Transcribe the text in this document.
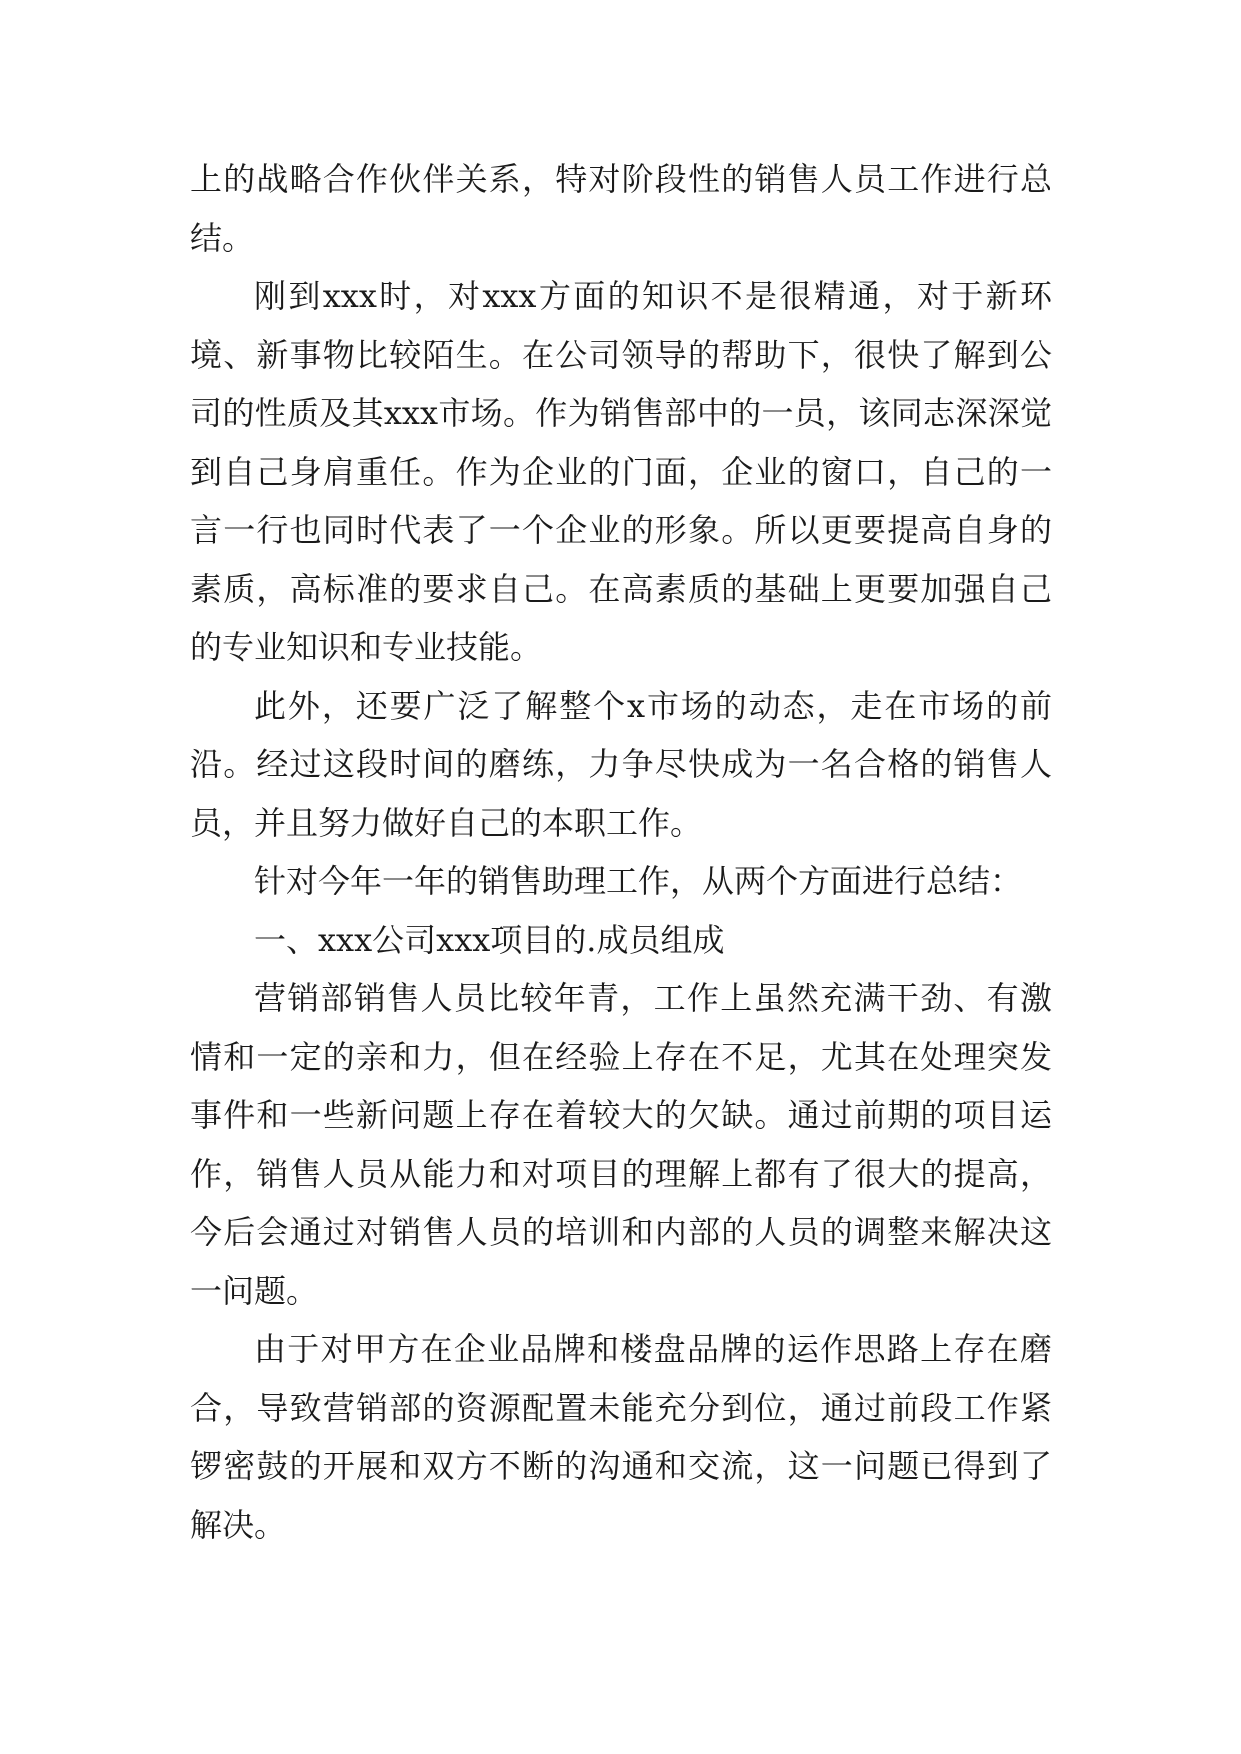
上的战略合作伙伴关系，特对阶段性的销售人员工作进行总结。

刚到xxx时，对xxx方面的知识不是很精通，对于新环境、新事物比较陌生。在公司领导的帮助下，很快了解到公司的性质及其xxx市场。作为销售部中的一员，该同志深深觉到自己身肩重任。作为企业的门面，企业的窗口，自己的一言一行也同时代表了一个企业的形象。所以更要提高自身的素质，高标准的要求自己。在高素质的基础上更要加强自己的专业知识和专业技能。

此外，还要广泛了解整个x市场的动态，走在市场的前沿。经过这段时间的磨练，力争尽快成为一名合格的销售人员，并且努力做好自己的本职工作。

针对今年一年的销售助理工作，从两个方面进行总结：

一、xxx公司xxx项目的.成员组成

营销部销售人员比较年青，工作上虽然充满干劲、有激情和一定的亲和力，但在经验上存在不足，尤其在处理突发事件和一些新问题上存在着较大的欠缺。通过前期的项目运作，销售人员从能力和对项目的理解上都有了很大的提高，今后会通过对销售人员的培训和内部的人员的调整来解决这一问题。

由于对甲方在企业品牌和楼盘品牌的运作思路上存在磨合，导致营销部的资源配置未能充分到位，通过前段工作紧锣密鼓的开展和双方不断的沟通和交流，这一问题已得到了解决。
